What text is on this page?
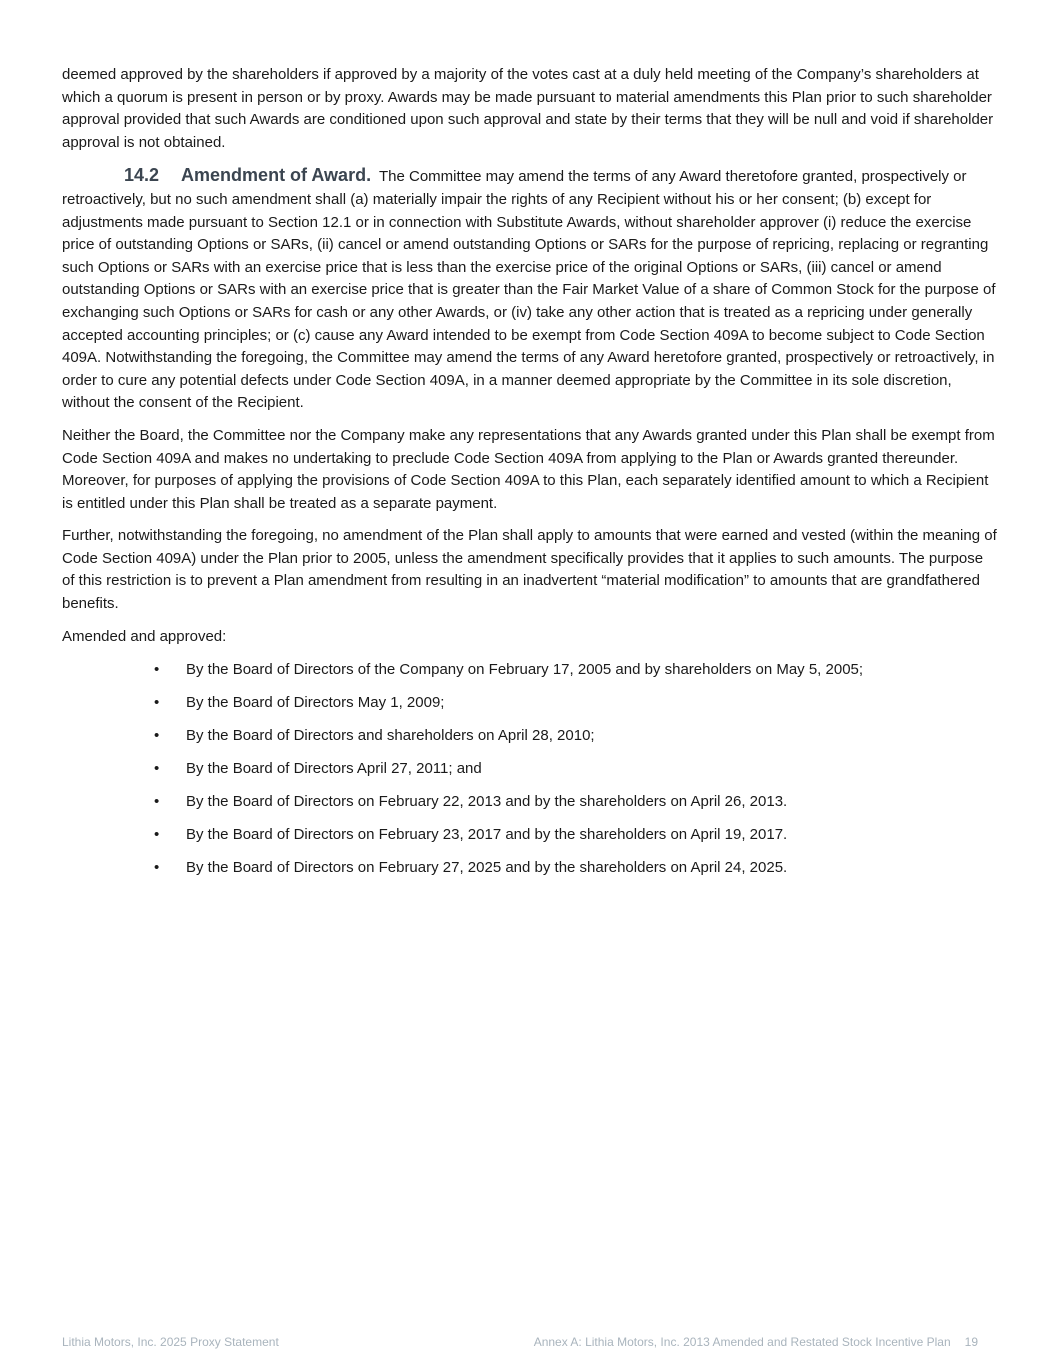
deemed approved by the shareholders if approved by a majority of the votes cast at a duly held meeting of the Company’s shareholders at which a quorum is present in person or by proxy. Awards may be made pursuant to material amendments this Plan prior to such shareholder approval provided that such Awards are conditioned upon such approval and state by their terms that they will be null and void if shareholder approval is not obtained.

14.2 Amendment of Award. The Committee may amend the terms of any Award theretofore granted, prospectively or retroactively, but no such amendment shall (a) materially impair the rights of any Recipient without his or her consent; (b) except for adjustments made pursuant to Section 12.1 or in connection with Substitute Awards, without shareholder approver (i) reduce the exercise price of outstanding Options or SARs, (ii) cancel or amend outstanding Options or SARs for the purpose of repricing, replacing or regranting such Options or SARs with an exercise price that is less than the exercise price of the original Options or SARs, (iii) cancel or amend outstanding Options or SARs with an exercise price that is greater than the Fair Market Value of a share of Common Stock for the purpose of exchanging such Options or SARs for cash or any other Awards, or (iv) take any other action that is treated as a repricing under generally accepted accounting principles; or (c) cause any Award intended to be exempt from Code Section 409A to become subject to Code Section 409A. Notwithstanding the foregoing, the Committee may amend the terms of any Award heretofore granted, prospectively or retroactively, in order to cure any potential defects under Code Section 409A, in a manner deemed appropriate by the Committee in its sole discretion, without the consent of the Recipient.

Neither the Board, the Committee nor the Company make any representations that any Awards granted under this Plan shall be exempt from Code Section 409A and makes no undertaking to preclude Code Section 409A from applying to the Plan or Awards granted thereunder. Moreover, for purposes of applying the provisions of Code Section 409A to this Plan, each separately identified amount to which a Recipient is entitled under this Plan shall be treated as a separate payment.

Further, notwithstanding the foregoing, no amendment of the Plan shall apply to amounts that were earned and vested (within the meaning of Code Section 409A) under the Plan prior to 2005, unless the amendment specifically provides that it applies to such amounts. The purpose of this restriction is to prevent a Plan amendment from resulting in an inadvertent “material modification” to amounts that are grandfathered benefits.

Amended and approved:

• By the Board of Directors of the Company on February 17, 2005 and by shareholders on May 5, 2005;
• By the Board of Directors May 1, 2009;
• By the Board of Directors and shareholders on April 28, 2010;
• By the Board of Directors April 27, 2011; and
• By the Board of Directors on February 22, 2013 and by the shareholders on April 26, 2013.
• By the Board of Directors on February 23, 2017 and by the shareholders on April 19, 2017.
• By the Board of Directors on February 27, 2025 and by the shareholders on April 24, 2025.
Lithia Motors, Inc. 2025 Proxy Statement	Annex A: Lithia Motors, Inc. 2013 Amended and Restated Stock Incentive Plan 19
